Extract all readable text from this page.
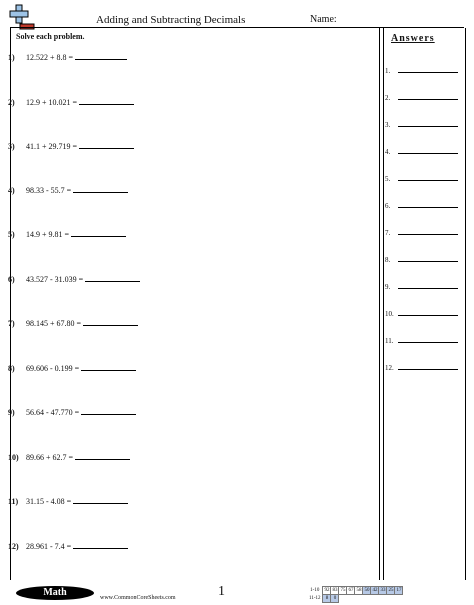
Adding and Subtracting Decimals	Name:
Solve each problem.
1)	12.522 + 8.8 =
2)	12.9 + 10.021 =
3)	41.1 + 29.719 =
4)	98.33 - 55.7 =
5)	14.9 + 9.81 =
6)	43.527 - 31.039 =
7)	98.145 + 67.80 =
8)	69.606 - 0.199 =
9)	56.64 - 47.770 =
10) 89.66 + 62.7 =
11) 31.15 - 4.08 =
12) 28.961 - 7.4 =
Answers
1.
2.
3.
4.
5.
6.
7.
8.
9.
10.
11.
12.
Math	www.CommonCoreSheets.com	1	1-10	92	83	75	67	58	50	42	33	25	17
11-12	8	0								
